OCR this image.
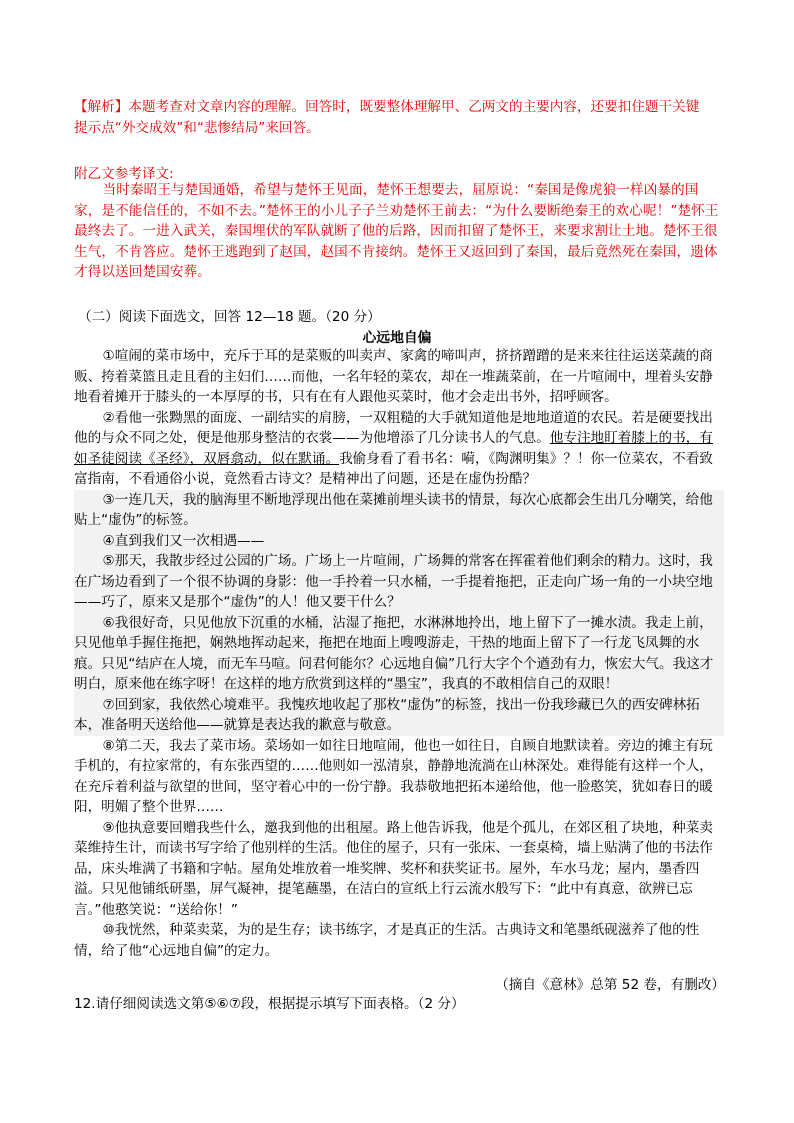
【解析】本题考查对文章内容的理解。回答时，既要整体理解甲、乙两文的主要内容，还要扣住题干关键
提示点“外交成效”和“悲惨结局”来回答。
附乙文参考译文:
当时秦昭王与楚国通婚，希望与楚怀王见面，楚怀王想要去，屈原说：“秦国是像虎狼一样凶暴的国家，是不能信任的，不如不去。”楚怀王的小儿子子兰劝楚怀王前去：“为什么要断绝秦王的欢心呢！”楚怀王最终去了。一进入武关，秦国埋伏的军队就断了他的后路，因而扣留了楚怀王，来要求割让土地。楚怀王很生气，不肯答应。楚怀王逃跑到了赵国，赵国不肯接纳。楚怀王又返回到了秦国，最后竟然死在秦国，遗体才得以送回楚国安葬。
（二）阅读下面选文，回答 12—18 题。（20 分）
心远地自偏

①喧闹的菜市场中，充斥于耳的是菜贩的叫卖声、家禽的啼叫声，挤挤蹭蹭的是来来往往运送菜蔬的商贩、挎着菜篮且走且看的主妇们……而他，一名年轻的菜农，却在一堆蔬菜前，在一片喧闹中，埋着头安静地看着摊开于膝头的一本厚厚的书，只有在有人跟他买菜时，他才会走出书外，招呼顾客。

②看他一张黝黑的面庞、一副结实的肩膀，一双粗糙的大手就知道他是地地道道的农民。若是硬要找出他的与众不同之处，便是他那身整洁的衣裳——为他增添了几分读书人的气息。他专注地盯着膝上的书，有如圣徒阅读《圣经》，双唇翕动，似在默诵。我偷身看了看书名：嗬，《陶渊明集》？！你一位菜农，不看致富指南，不看通俗小说，竟然看古诗文？是精神出了问题，还是在虚伪扮酷？

③一连几天，我的脑海里不断地浮现出他在菜摊前埋头读书的情景，每次心底都会生出几分嘲笑，给他贴上“虚伪”的标签。

④直到我们又一次相遇——

⑤那天，我散步经过公园的广场。广场上一片喧闹，广场舞的常客在挥霍着他们剩余的精力。这时，我在广场边看到了一个很不协调的身影：他一手拎着一只水桶，一手提着拖把，正走向广场一角的一小块空地——巧了，原来又是那个“虚伪”的人！他又要干什么？

⑥我很好奇，只见他放下沉重的水桶，沾湿了拖把，水淋淋地拎出，地上留下了一摊水渍。我走上前，只见他单手握住拖把，娴熟地挥动起来，拖把在地面上嗖嗖游走，干热的地面上留下了一行龙飞凤舞的水痕。只见“结庐在人境，而无车马喧。问君何能尔？心远地自偏”几行大字个个遒劲有力，恢宏大气。我这才明白，原来他在练字呀！在这样的地方欣赏到这样的“墨宝”，我真的不敢相信自己的双眼！

⑦回到家，我依然心境难平。我愧疚地收起了那枚“虚伪”的标签，找出一份我珍藏已久的西安碑林拓本，准备明天送给他——就算是表达我的歉意与敬意。

⑧第二天，我去了菜市场。菜场如一如往日地喧闹，他也一如往日，自顾自地默读着。旁边的摊主有玩手机的，有拉家常的，有东张西望的……他则如一泓清泉，静静地流淌在山林深处。难得能有这样一个人，在充斥着利益与欲望的世间，坚守着心中的一份宁静。我恭敬地把拓本递给他，他一脸憨笑，犹如春日的暖阳，明媚了整个世界……

⑨他执意要回赠我些什么，邀我到他的出租屋。路上他告诉我，他是个孤儿，在郊区租了块地，种菜卖菜维持生计，而读书写字给了他别样的生活。他住的屋子，只有一张床、一套桌椅，墙上贴满了他的书法作品，床头堆满了书籍和字帖。屋角处堆放着一堆奖牌、奖杯和获奖证书。屋外，车水马龙；屋内，墨香四溢。只见他铺纸研墨，屏气凝神，提笔蘸墨，在洁白的宣纸上行云流水般写下：“此中有真意，欲辨已忘言。”他憨笑说：“送给你！”

⑩我恍然，种菜卖菜，为的是生存；读书练字，才是真正的生活。古典诗文和笔墨纸砚滋养了他的性情，给了他“心远地自偏”的定力。

（摘自《意林》总第 52 卷，有删改）
12.请仔细阅读选文第⑤⑥⑦段，根据提示填写下面表格。（2 分）
